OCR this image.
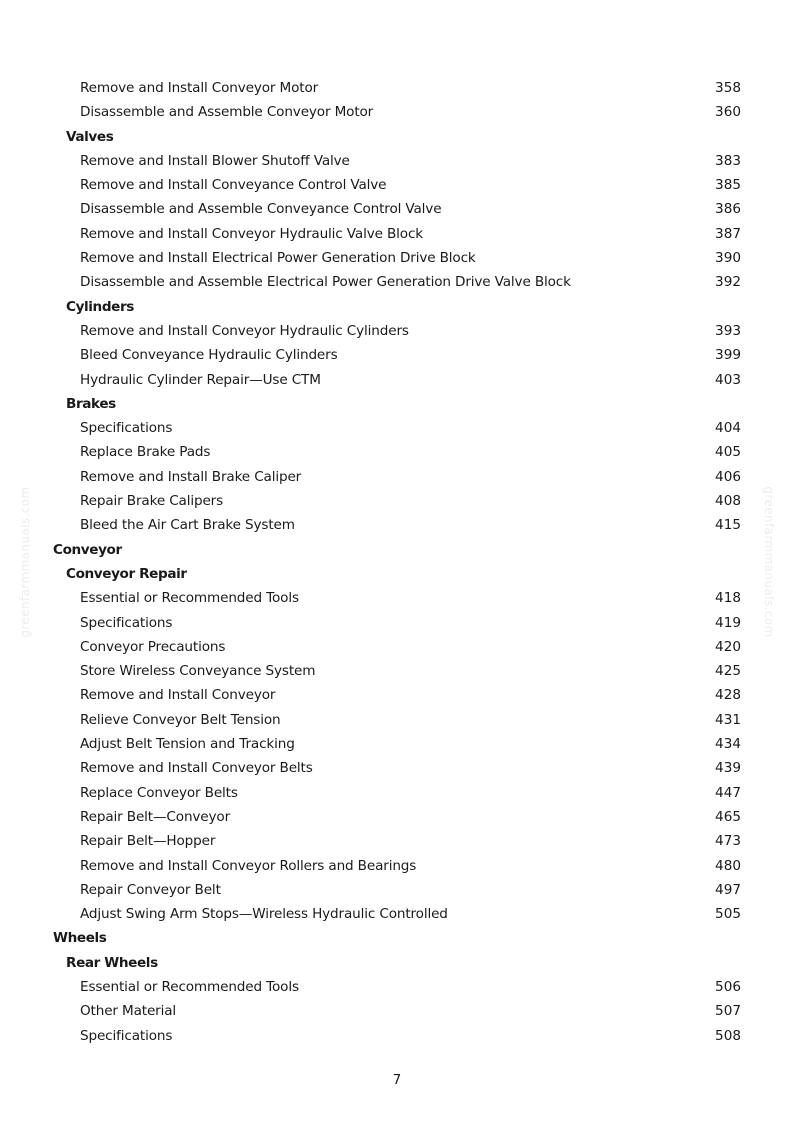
Remove and Install Conveyor Motor	358
Disassemble and Assemble Conveyor Motor	360
Valves
Remove and Install Blower Shutoff Valve	383
Remove and Install Conveyance Control Valve	385
Disassemble and Assemble Conveyance Control Valve	386
Remove and Install Conveyor Hydraulic Valve Block	387
Remove and Install Electrical Power Generation Drive Block	390
Disassemble and Assemble Electrical Power Generation Drive Valve Block	392
Cylinders
Remove and Install Conveyor Hydraulic Cylinders	393
Bleed Conveyance Hydraulic Cylinders	399
Hydraulic Cylinder Repair—Use CTM	403
Brakes
Specifications	404
Replace Brake Pads	405
Remove and Install Brake Caliper	406
Repair Brake Calipers	408
Bleed the Air Cart Brake System	415
Conveyor
Conveyor Repair
Essential or Recommended Tools	418
Specifications	419
Conveyor Precautions	420
Store Wireless Conveyance System	425
Remove and Install Conveyor	428
Relieve Conveyor Belt Tension	431
Adjust Belt Tension and Tracking	434
Remove and Install Conveyor Belts	439
Replace Conveyor Belts	447
Repair Belt—Conveyor	465
Repair Belt—Hopper	473
Remove and Install Conveyor Rollers and Bearings	480
Repair Conveyor Belt	497
Adjust Swing Arm Stops—Wireless Hydraulic Controlled	505
Wheels
Rear Wheels
Essential or Recommended Tools	506
Other Material	507
Specifications	508
7
greenfarmmanuals.com	greenfarmmanuals.com
